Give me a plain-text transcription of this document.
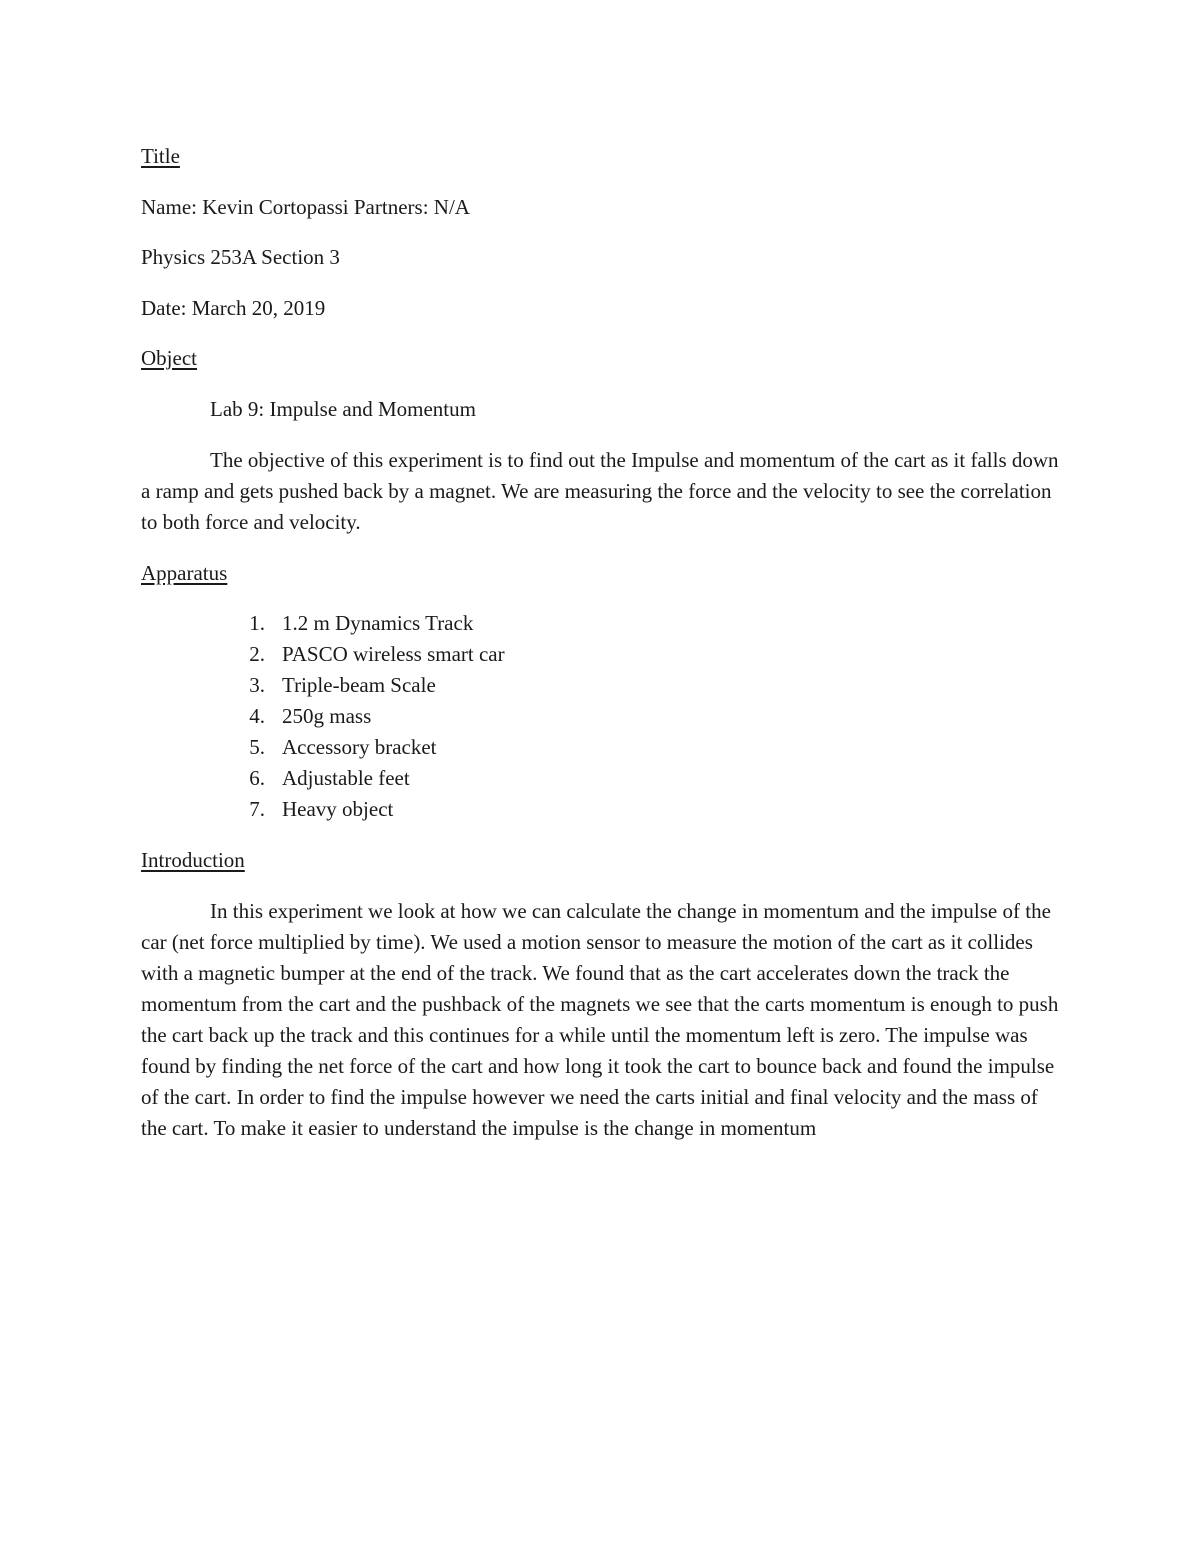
Title
Name: Kevin Cortopassi Partners: N/A
Physics 253A Section 3
Date: March 20, 2019
Object
Lab 9: Impulse and Momentum

The objective of this experiment is to find out the Impulse and momentum of the cart as it falls down a ramp and gets pushed back by a magnet. We are measuring the force and the velocity to see the correlation to both force and velocity.

Apparatus
1. 1.2 m Dynamics Track
2. PASCO wireless smart car
3. Triple-beam Scale
4. 250g mass
5. Accessory bracket
6. Adjustable feet
7. Heavy object
Introduction

In this experiment we look at how we can calculate the change in momentum and the impulse of the car (net force multiplied by time). We used a motion sensor to measure the motion of the cart as it collides with a magnetic bumper at the end of the track. We found that as the cart accelerates down the track the momentum from the cart and the pushback of the magnets we see that the carts momentum is enough to push the cart back up the track and this continues for a while until the momentum left is zero. The impulse was found by finding the net force of the cart and how long it took the cart to bounce back and found the impulse of the cart. In order to find the impulse however we need the carts initial and final velocity and the mass of the cart. To make it easier to understand the impulse is the change in momentum
